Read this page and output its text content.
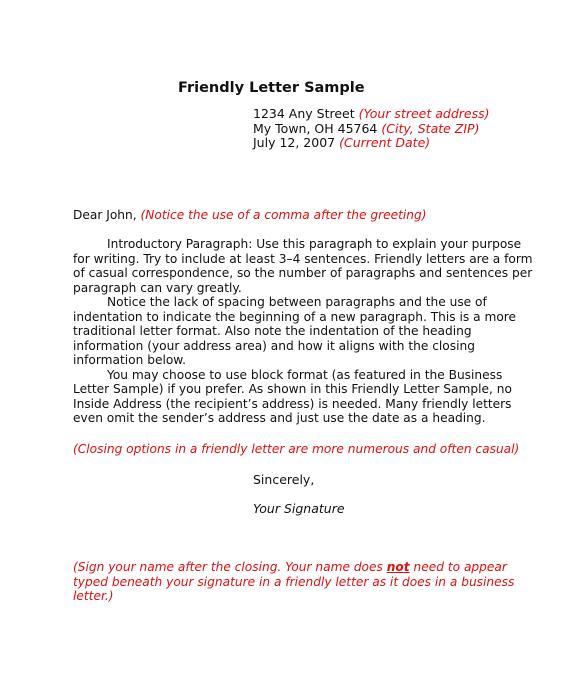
Friendly Letter Sample
1234 Any Street (Your street address)
My Town, OH 45764 (City, State ZIP)
July 12, 2007 (Current Date)
Dear John, (Notice the use of a comma after the greeting)

Introductory Paragraph: Use this paragraph to explain your purpose for writing. Try to include at least 3–4 sentences. Friendly letters are a form of casual correspondence, so the number of paragraphs and sentences per paragraph can vary greatly.

Notice the lack of spacing between paragraphs and the use of indentation to indicate the beginning of a new paragraph. This is a more traditional letter format. Also note the indentation of the heading information (your address area) and how it aligns with the closing information below.

You may choose to use block format (as featured in the Business Letter Sample) if you prefer. As shown in this Friendly Letter Sample, no Inside Address (the recipient’s address) is needed. Many friendly letters even omit the sender’s address and just use the date as a heading.

(Closing options in a friendly letter are more numerous and often casual)

Sincerely,
Your Signature

(Sign your name after the closing. Your name does not need to appear typed beneath your signature in a friendly letter as it does in a business letter.)
